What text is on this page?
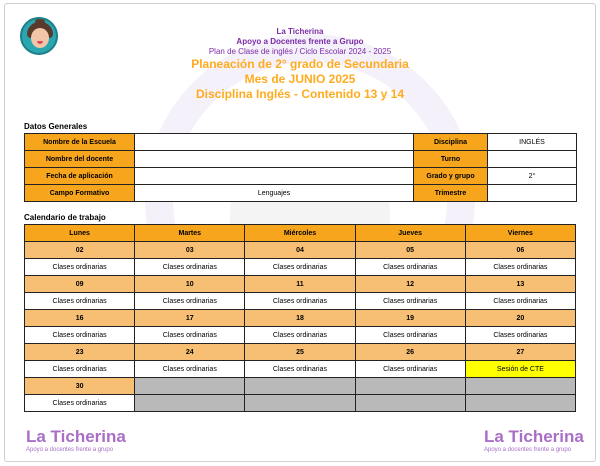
La Ticherina
Apoyo a Docentes frente a Grupo
Plan de Clase de inglés / Ciclo Escolar 2024 - 2025
Planeación de 2° grado de Secundaria
Mes de JUNIO 2025
Disciplina Inglés - Contenido 13 y 14
Datos Generales
Nombre de la Escuela		Disciplina	INGLÉS
Nombre del docente		Turno	
Fecha de aplicación		Grado y grupo	2°
Campo Formativo	Lenguajes	Trimestre	
Calendario de trabajo
Lunes	Martes	Miércoles	Jueves	Viernes
02	03	04	05	06
Clases ordinarias	Clases ordinarias	Clases ordinarias	Clases ordinarias	Clases ordinarias
09	10	11	12	13
Clases ordinarias	Clases ordinarias	Clases ordinarias	Clases ordinarias	Clases ordinarias
16	17	18	19	20
Clases ordinarias	Clases ordinarias	Clases ordinarias	Clases ordinarias	Clases ordinarias
23	24	25	26	27
Clases ordinarias	Clases ordinarias	Clases ordinarias	Clases ordinarias	Sesión de CTE
30				
Clases ordinarias				
La Ticherina
Apoyo a docentes frente a grupo
La Ticherina
Apoyo a docentes frente a grupo
